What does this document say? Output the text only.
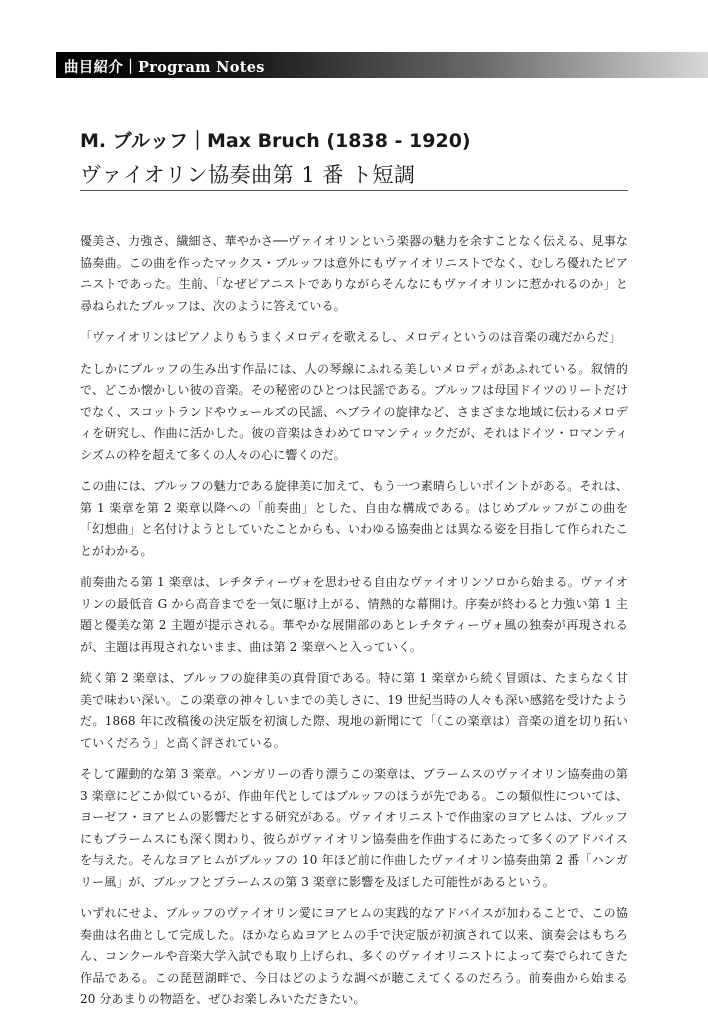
曲目紹介｜Program Notes
M. ブルッフ｜Max Bruch (1838 - 1920)
ヴァイオリン協奏曲第 1 番 ト短調

優美さ、力強さ、繊細さ、華やかさ──ヴァイオリンという楽器の魅力を余すことなく伝える、見事な協奏曲。この曲を作ったマックス・ブルッフは意外にもヴァイオリニストでなく、むしろ優れたピアニストであった。生前、「なぜピアニストでありながらそんなにもヴァイオリンに惹かれるのか」と尋ねられたブルッフは、次のように答えている。

「ヴァイオリンはピアノよりもうまくメロディを歌えるし、メロディというのは音楽の魂だからだ」

たしかにブルッフの生み出す作品には、人の琴線にふれる美しいメロディがあふれている。叙情的で、どこか懐かしい彼の音楽。その秘密のひとつは民謡である。ブルッフは母国ドイツのリートだけでなく、スコットランドやウェールズの民謡、ヘブライの旋律など、さまざまな地域に伝わるメロディを研究し、作曲に活かした。彼の音楽はきわめてロマンティックだが、それはドイツ・ロマンティシズムの枠を超えて多くの人々の心に響くのだ。

この曲には、ブルッフの魅力である旋律美に加えて、もう一つ素晴らしいポイントがある。それは、第 1 楽章を第 2 楽章以降への「前奏曲」とした、自由な構成である。はじめブルッフがこの曲を「幻想曲」と名付けようとしていたことからも、いわゆる協奏曲とは異なる姿を目指して作られたことがわかる。

前奏曲たる第 1 楽章は、レチタティーヴォを思わせる自由なヴァイオリンソロから始まる。ヴァイオリンの最低音 G から高音までを一気に駆け上がる、情熱的な幕開け。序奏が終わると力強い第 1 主題と優美な第 2 主題が提示される。華やかな展開部のあとレチタティーヴォ風の独奏が再現されるが、主題は再現されないまま、曲は第 2 楽章へと入っていく。

続く第 2 楽章は、ブルッフの旋律美の真骨頂である。特に第 1 楽章から続く冒頭は、たまらなく甘美で味わい深い。この楽章の神々しいまでの美しさに、19 世紀当時の人々も深い感銘を受けたようだ。1868 年に改稿後の決定版を初演した際、現地の新聞にて「（この楽章は）音楽の道を切り拓いていくだろう」と高く評されている。

そして躍動的な第 3 楽章。ハンガリーの香り漂うこの楽章は、ブラームスのヴァイオリン協奏曲の第 3 楽章にどこか似ているが、作曲年代としてはブルッフのほうが先である。この類似性については、ヨーゼフ・ヨアヒムの影響だとする研究がある。ヴァイオリニストで作曲家のヨアヒムは、ブルッフにもブラームスにも深く関わり、彼らがヴァイオリン協奏曲を作曲するにあたって多くのアドバイスを与えた。そんなヨアヒムがブルッフの 10 年ほど前に作曲したヴァイオリン協奏曲第 2 番「ハンガリー風」が、ブルッフとブラームスの第 3 楽章に影響を及ぼした可能性があるという。

いずれにせよ、ブルッフのヴァイオリン愛にヨアヒムの実践的なアドバイスが加わることで、この協奏曲は名曲として完成した。ほかならぬヨアヒムの手で決定版が初演されて以来、演奏会はもちろん、コンクールや音楽大学入試でも取り上げられ、多くのヴァイオリニストによって奏でられてきた作品である。この琵琶湖畔で、今日はどのような調べが聴こえてくるのだろう。前奏曲から始まる 20 分あまりの物語を、ぜひお楽しみいただきたい。
